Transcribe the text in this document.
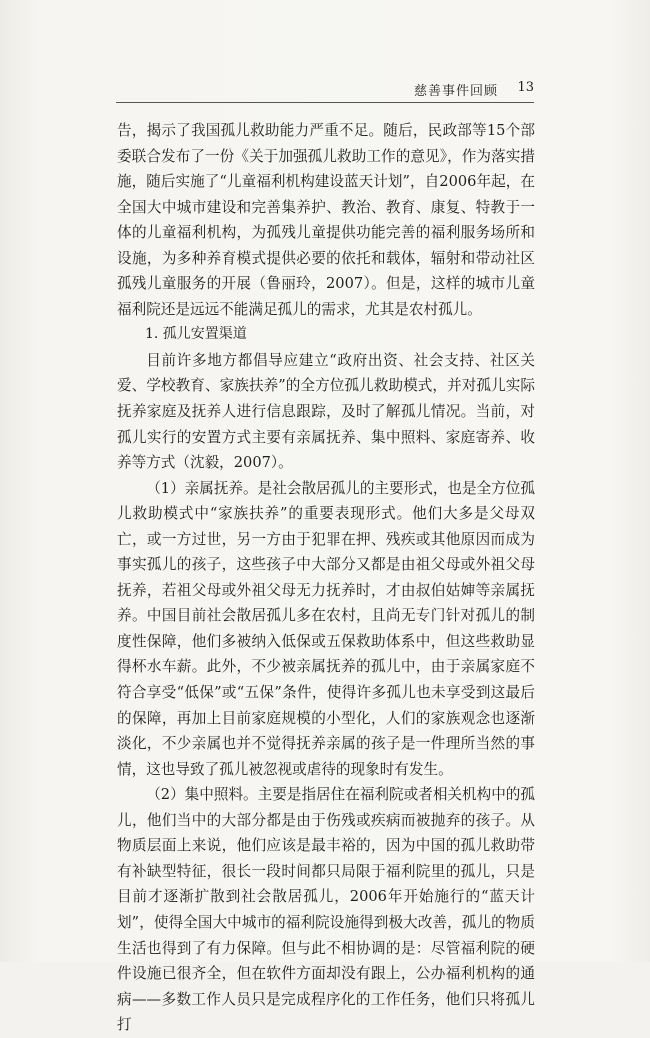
慈善事件回顾 13

告，揭示了我国孤儿救助能力严重不足。随后，民政部等15个部委联合发布了一份《关于加强孤儿救助工作的意见》，作为落实措施，随后实施了“儿童福利机构建设蓝天计划”，自2006年起，在全国大中城市建设和完善集养护、教治、教育、康复、特教于一体的儿童福利机构，为孤残儿童提供功能完善的福利服务场所和设施，为多种养育模式提供必要的依托和载体，辐射和带动社区孤残儿童服务的开展（鲁丽玲，2007）。但是，这样的城市儿童福利院还是远远不能满足孤儿的需求，尤其是农村孤儿。

1. 孤儿安置渠道

目前许多地方都倡导应建立“政府出资、社会支持、社区关爱、学校教育、家族扶养”的全方位孤儿救助模式，并对孤儿实际抚养家庭及抚养人进行信息跟踪，及时了解孤儿情况。当前，对孤儿实行的安置方式主要有亲属抚养、集中照料、家庭寄养、收养等方式（沈毅，2007）。

（1）亲属抚养。是社会散居孤儿的主要形式，也是全方位孤儿救助模式中“家族扶养”的重要表现形式。他们大多是父母双亡，或一方过世，另一方由于犯罪在押、残疾或其他原因而成为事实孤儿的孩子，这些孩子中大部分又都是由祖父母或外祖父母抚养，若祖父母或外祖父母无力抚养时，才由叔伯姑婶等亲属抚养。中国目前社会散居孤儿多在农村，且尚无专门针对孤儿的制度性保障，他们多被纳入低保或五保救助体系中，但这些救助显得杯水车薪。此外，不少被亲属抚养的孤儿中，由于亲属家庭不符合享受“低保”或“五保”条件，使得许多孤儿也未享受到这最后的保障，再加上目前家庭规模的小型化，人们的家族观念也逐渐淡化，不少亲属也并不觉得抚养亲属的孩子是一件理所当然的事情，这也导致了孤儿被忽视或虐待的现象时有发生。

（2）集中照料。主要是指居住在福利院或者相关机构中的孤儿，他们当中的大部分都是由于伤残或疾病而被抛弃的孩子。从物质层面上来说，他们应该是最丰裕的，因为中国的孤儿救助带有补缺型特征，很长一段时间都只局限于福利院里的孤儿，只是目前才逐渐扩散到社会散居孤儿，2006年开始施行的“蓝天计划”，使得全国大中城市的福利院设施得到极大改善，孤儿的物质生活也得到了有力保障。但与此不相协调的是：尽管福利院的硬件设施已很齐全，但在软件方面却没有跟上，公办福利机构的通病——多数工作人员只是完成程序化的工作任务，他们只将孤儿打
